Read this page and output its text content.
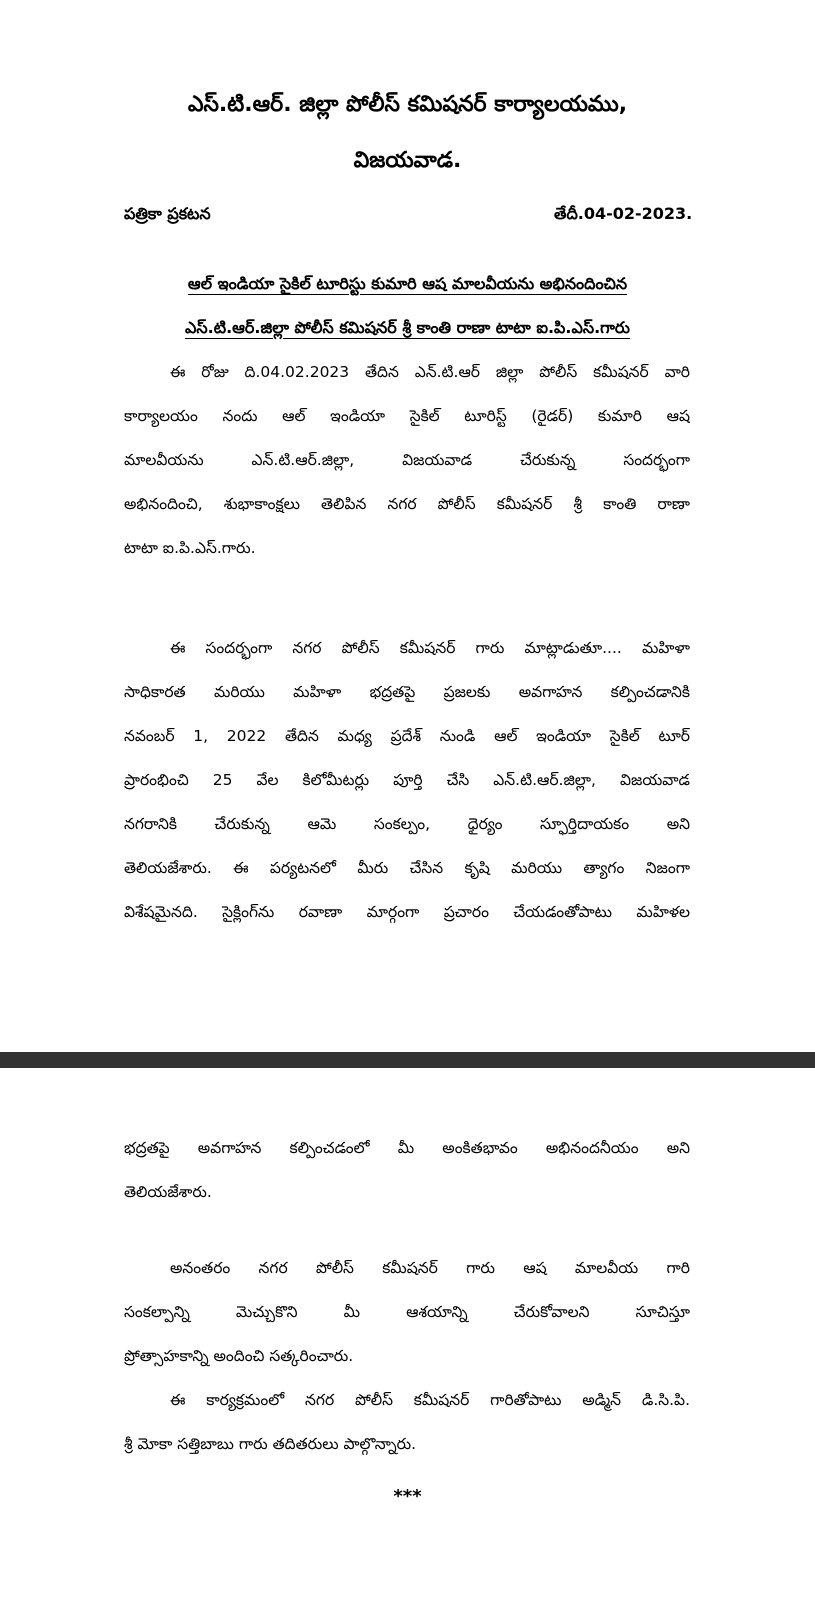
ఎస్.టి.ఆర్. జిల్లా పోలీస్ కమిషనర్ కార్యాలయము,
విజయవాడ.
పత్రికా ప్రకటన	తేదీ.04-02-2023.
ఆల్ ఇండియా సైకిల్ టూరిస్టు కుమారి ఆష మాలవీయను అభినందించిన
ఎస్.టి.ఆర్.జిల్లా పోలీస్ కమిషనర్ శ్రీ కాంతి రాణా టాటా ఐ.పి.ఎస్.గారు
ఈ రోజు ది.04.02.2023 తేదిన ఎన్.టి.ఆర్ జిల్లా పోలీస్ కమీషనర్ వారి
కార్యాలయం నందు ఆల్ ఇండియా సైకిల్ టూరిస్ట్ (రైడర్) కుమారి ఆష
మాలవీయను ఎన్.టి.ఆర్.జిల్లా, విజయవాడ చేరుకున్న సందర్భంగా
అభినందించి, శుభాకాంక్షలు తెలిపిన నగర పోలీస్ కమీషనర్ శ్రీ కాంతి రాణా
టాటా ఐ.పి.ఎస్.గారు.
ఈ సందర్భంగా నగర పోలీస్ కమీషనర్ గారు మాట్లాడుతూ.... మహిళా
సాధికారత మరియు మహిళా భద్రతపై ప్రజలకు అవగాహన కల్పించడానికి
నవంబర్ 1, 2022 తేదిన మధ్య ప్రదేశ్ నుండి ఆల్ ఇండియా సైకిల్ టూర్
ప్రారంభించి 25 వేల కిలోమీటర్లు పూర్తి చేసి ఎన్.టి.ఆర్.జిల్లా, విజయవాడ
నగరానికి చేరుకున్న ఆమె సంకల్పం, ధైర్యం స్ఫూర్తిదాయకం అని
తెలియజేశారు. ఈ పర్యటనలో మీరు చేసిన కృషి మరియు త్యాగం నిజంగా
విశేషమైనది. సైక్లింగ్‌ను రవాణా మార్గంగా ప్రచారం చేయడంతోపాటు మహిళల
భద్రతపై అవగాహన కల్పించడంలో మీ అంకితభావం అభినందనీయం అని
తెలియజేశారు.
అనంతరం నగర పోలీస్ కమీషనర్ గారు ఆష మాలవీయ గారి
సంకల్పాన్ని మెచ్చుకొని మీ ఆశయాన్ని చేరుకోవాలని సూచిస్తూ
ప్రోత్సాహకాన్ని అందించి సత్కరించారు.
ఈ కార్యక్రమంలో నగర పోలీస్ కమీషనర్ గారితోపాటు అడ్మిన్ డి.సి.పి.
శ్రీ మోకా సత్తిబాబు గారు తదితరులు పాల్గొన్నారు.
***
